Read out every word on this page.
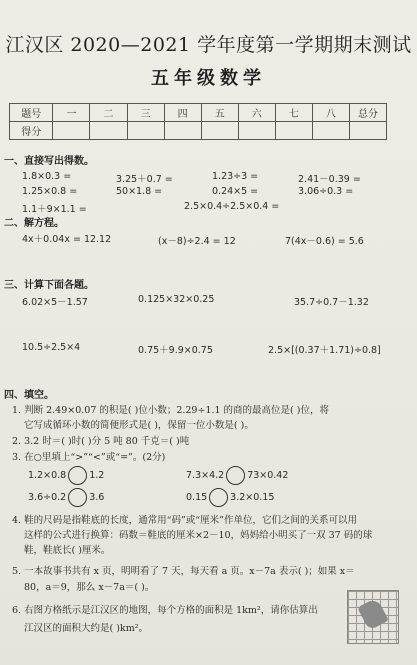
江汉区 2020—2021 学年度第一学期期末测试
五年级数学
题号	一	二	三	四	五	六	七	八	总分
得分									
一、直接写出得数。
1.8×0.3 =	3.25＋0.7 =	1.23÷3 =	2.41－0.39 =
1.25×0.8 =	50×1.8 =	0.24×5 =	3.06÷0.3 =
1.1＋9×1.1 =	2.5×0.4÷2.5×0.4 =
二、解方程。
4x＋0.04x = 12.12	(x－8)÷2.4 = 12	7(4x－0.6) = 5.6
三、计算下面各题。
6.02×5－1.57	0.125×32×0.25	35.7÷0.7－1.32
10.5÷2.5×4	0.75＋9.9×0.75	2.5×[(0.37＋1.71)÷0.8]
四、填空。
1. 判断 2.49×0.07 的积是( )位小数；2.29÷1.1 的商的最高位是( )位，将
它写成循环小数的简便形式是( )，保留一位小数是( )。
2. 3.2 时＝( )时( )分 5 吨 80 千克＝( )吨
3. 在○里填上“>”“<”或“=”。(2分)
1.2×0.8 1.2	7.3×4.2 73×0.42
3.6÷0.2 3.6	0.15 3.2×0.15
4. 鞋的尺码是指鞋底的长度，通常用“码”或“厘米”作单位，它们之间的关系可以用
这样的公式进行换算：码数＝鞋底的厘米×2－10，妈妈给小明买了一双 37 码的球
鞋，鞋底长( )厘米。
5. 一本故事书共有 x 页，明明看了 7 天，每天看 a 页。x－7a 表示( )；如果 x＝
80，a＝9，那么 x－7a＝( )。
6. 右图方格纸示是江汉区的地图，每个方格的面积是 1km²，请你估算出
江汉区的面积大约是( )km²。
